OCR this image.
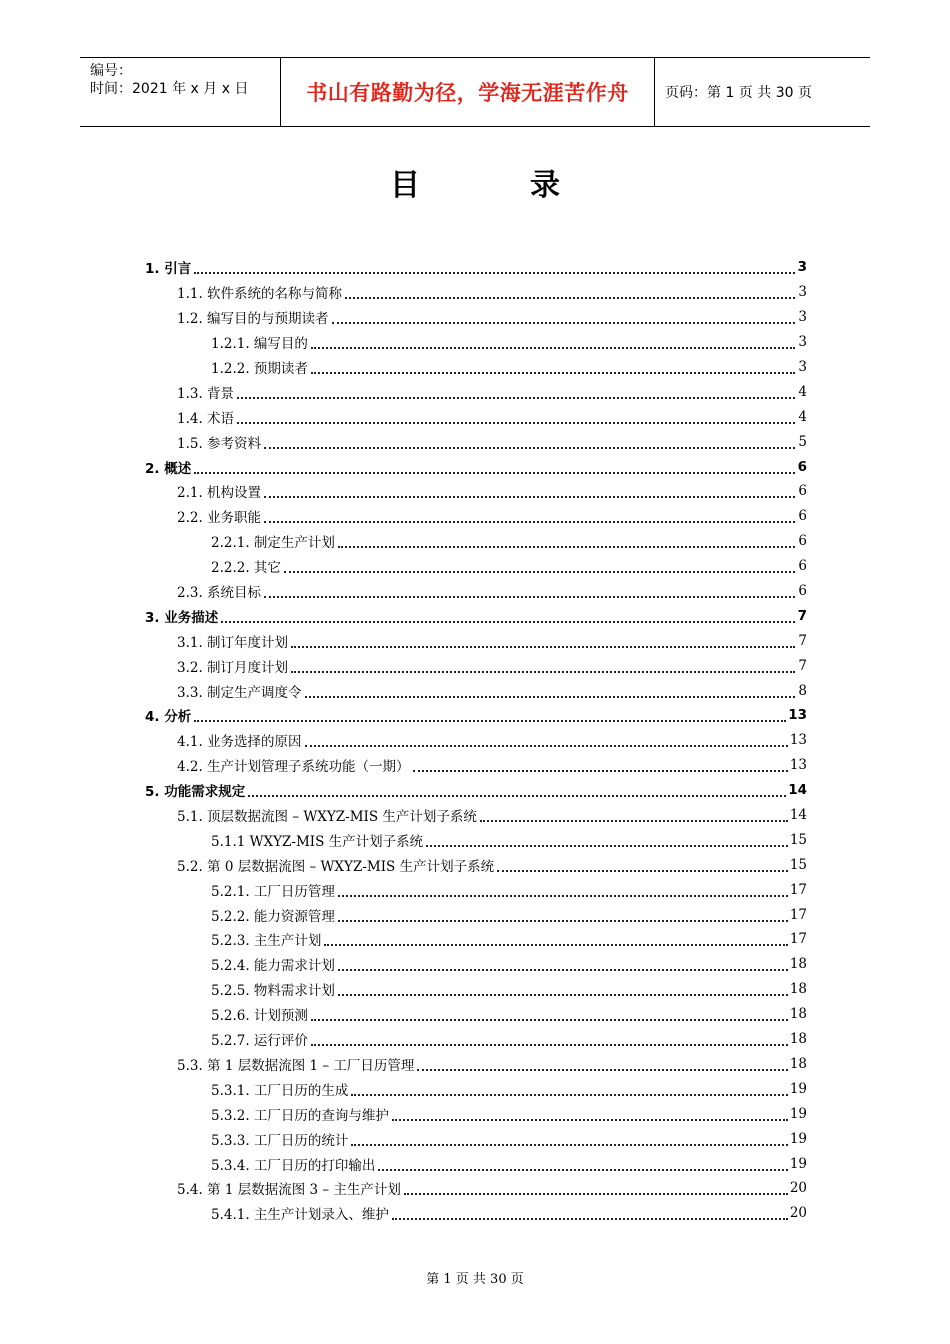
编号：
时间：2021 年 x 月 x 日	书山有路勤为径，学海无涯苦作舟	页码：第 1 页 共 30 页
目	录
1. 引言	3
1.1. 软件系统的名称与简称	3
1.2. 编写目的与预期读者	3
1.2.1. 编写目的	3
1.2.2. 预期读者	3
1.3. 背景	4
1.4. 术语	4
1.5. 参考资料	5
2. 概述	6
2.1. 机构设置	6
2.2. 业务职能	6
2.2.1. 制定生产计划	6
2.2.2. 其它	6
2.3. 系统目标	6
3. 业务描述	7
3.1. 制订年度计划	7
3.2. 制订月度计划	7
3.3. 制定生产调度令	8
4. 分析	13
4.1. 业务选择的原因	13
4.2. 生产计划管理子系统功能（一期）	13
5. 功能需求规定	14
5.1. 顶层数据流图 – WXYZ-MIS 生产计划子系统	14
5.1.1 WXYZ-MIS 生产计划子系统	15
5.2. 第 0 层数据流图 – WXYZ-MIS 生产计划子系统	15
5.2.1. 工厂日历管理	17
5.2.2. 能力资源管理	17
5.2.3. 主生产计划	17
5.2.4. 能力需求计划	18
5.2.5. 物料需求计划	18
5.2.6. 计划预测	18
5.2.7. 运行评价	18
5.3. 第 1 层数据流图 1 – 工厂日历管理	18
5.3.1. 工厂日历的生成	19
5.3.2. 工厂日历的查询与维护	19
5.3.3. 工厂日历的统计	19
5.3.4. 工厂日历的打印输出	19
5.4. 第 1 层数据流图 3 – 主生产计划	20
5.4.1. 主生产计划录入、维护	20
第 1 页 共 30 页
